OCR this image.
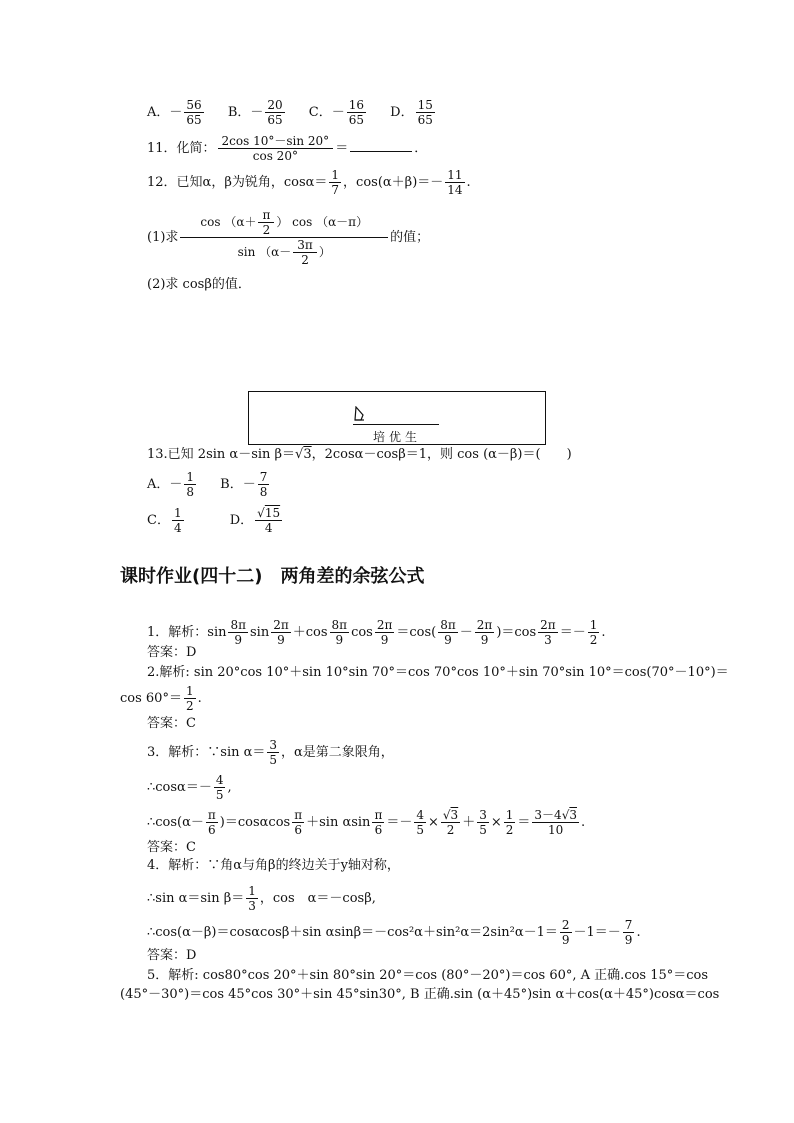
A．－ $\frac{56}{65}$ B．－ $\frac{20}{65}$ C．－ $\frac{16}{65}$ D． $\frac{15}{65}$
11．化简： $\frac{2\cos 10^\circ-\sin 20^\circ}{\cos 20^\circ}$ ＝	．
12．已知α，β为锐角，$\cos\alpha= \frac{1}{7}$ ，$\cos(\alpha+\beta)=- \frac{11}{14}$ .
(1)求 $\frac{\cos (\alpha+ \frac{\pi}{2} ) \cos (\alpha-\pi)}{\sin (\alpha- \frac{3\pi}{2} )}$ 的值；
(2)求 cosβ的值．
培优生
13.已知 2sin α－sin β＝√3，2cosα－cosβ＝1，则 cos (α－β)＝(　　)
A．－ $\frac{1}{8}$ B．－ $\frac{7}{8}$
C． $\frac{1}{4}$	D． $\frac{√15}{4}$
课时作业(四十二)　两角差的余弦公式
1．解析：$\sin \frac{8\pi}{9}$ $\sin \frac{2\pi}{9} +\cos \frac{8\pi}{9}$ $\cos \frac{2\pi}{9} =\cos( \frac{8\pi}{9} - \frac{2\pi}{9} )=\cos \frac{2\pi}{3} =- \frac{1}{2}$ .
答案：D
2.解析: sin 20°cos 10°＋sin 10°sin 70°＝cos 70°cos 10°＋sin 70°sin 10°＝cos(70°－10°)＝
$\cos 60^\circ= \frac{1}{2}$ .
答案：C
3．解析：∵sin $\alpha= \frac{3}{5}$ ，α是第二象限角，
∴cosα＝－ $\frac{4}{5}$ ,
∴cos(α－ $\frac{\pi}{6} )=\cos\alpha\cos \frac{\pi}{6} +\sin$ αsin $\frac{\pi}{6} =- \frac{4}{5} \times \frac{√3}{2} + \frac{3}{5} \times \frac{1}{2} = \frac{3-4√3}{10}$ .
答案：C
4．解析：∵角α与角β的终边关于y轴对称，
∴sin α＝sin $\beta= \frac{1}{3}$ ，cos　α＝－cosβ,
∴cos(α－β)＝cosαcosβ＋sin $\alpha\sin\beta=-\cos^2\alpha+\sin^2\alpha=2\sin^2\alpha-1= \frac{2}{9} -1=- \frac{7}{9}$ .
答案：D
5．解析: cos80°cos 20°＋sin 80°sin 20°＝cos (80°－20°)＝cos 60°, A 正确.cos 15°＝cos
(45°－30°)＝cos 45°cos 30°＋sin 45°sin30°, B 正确.sin (α＋45°)sin α＋cos(α＋45°)cosα＝cos
